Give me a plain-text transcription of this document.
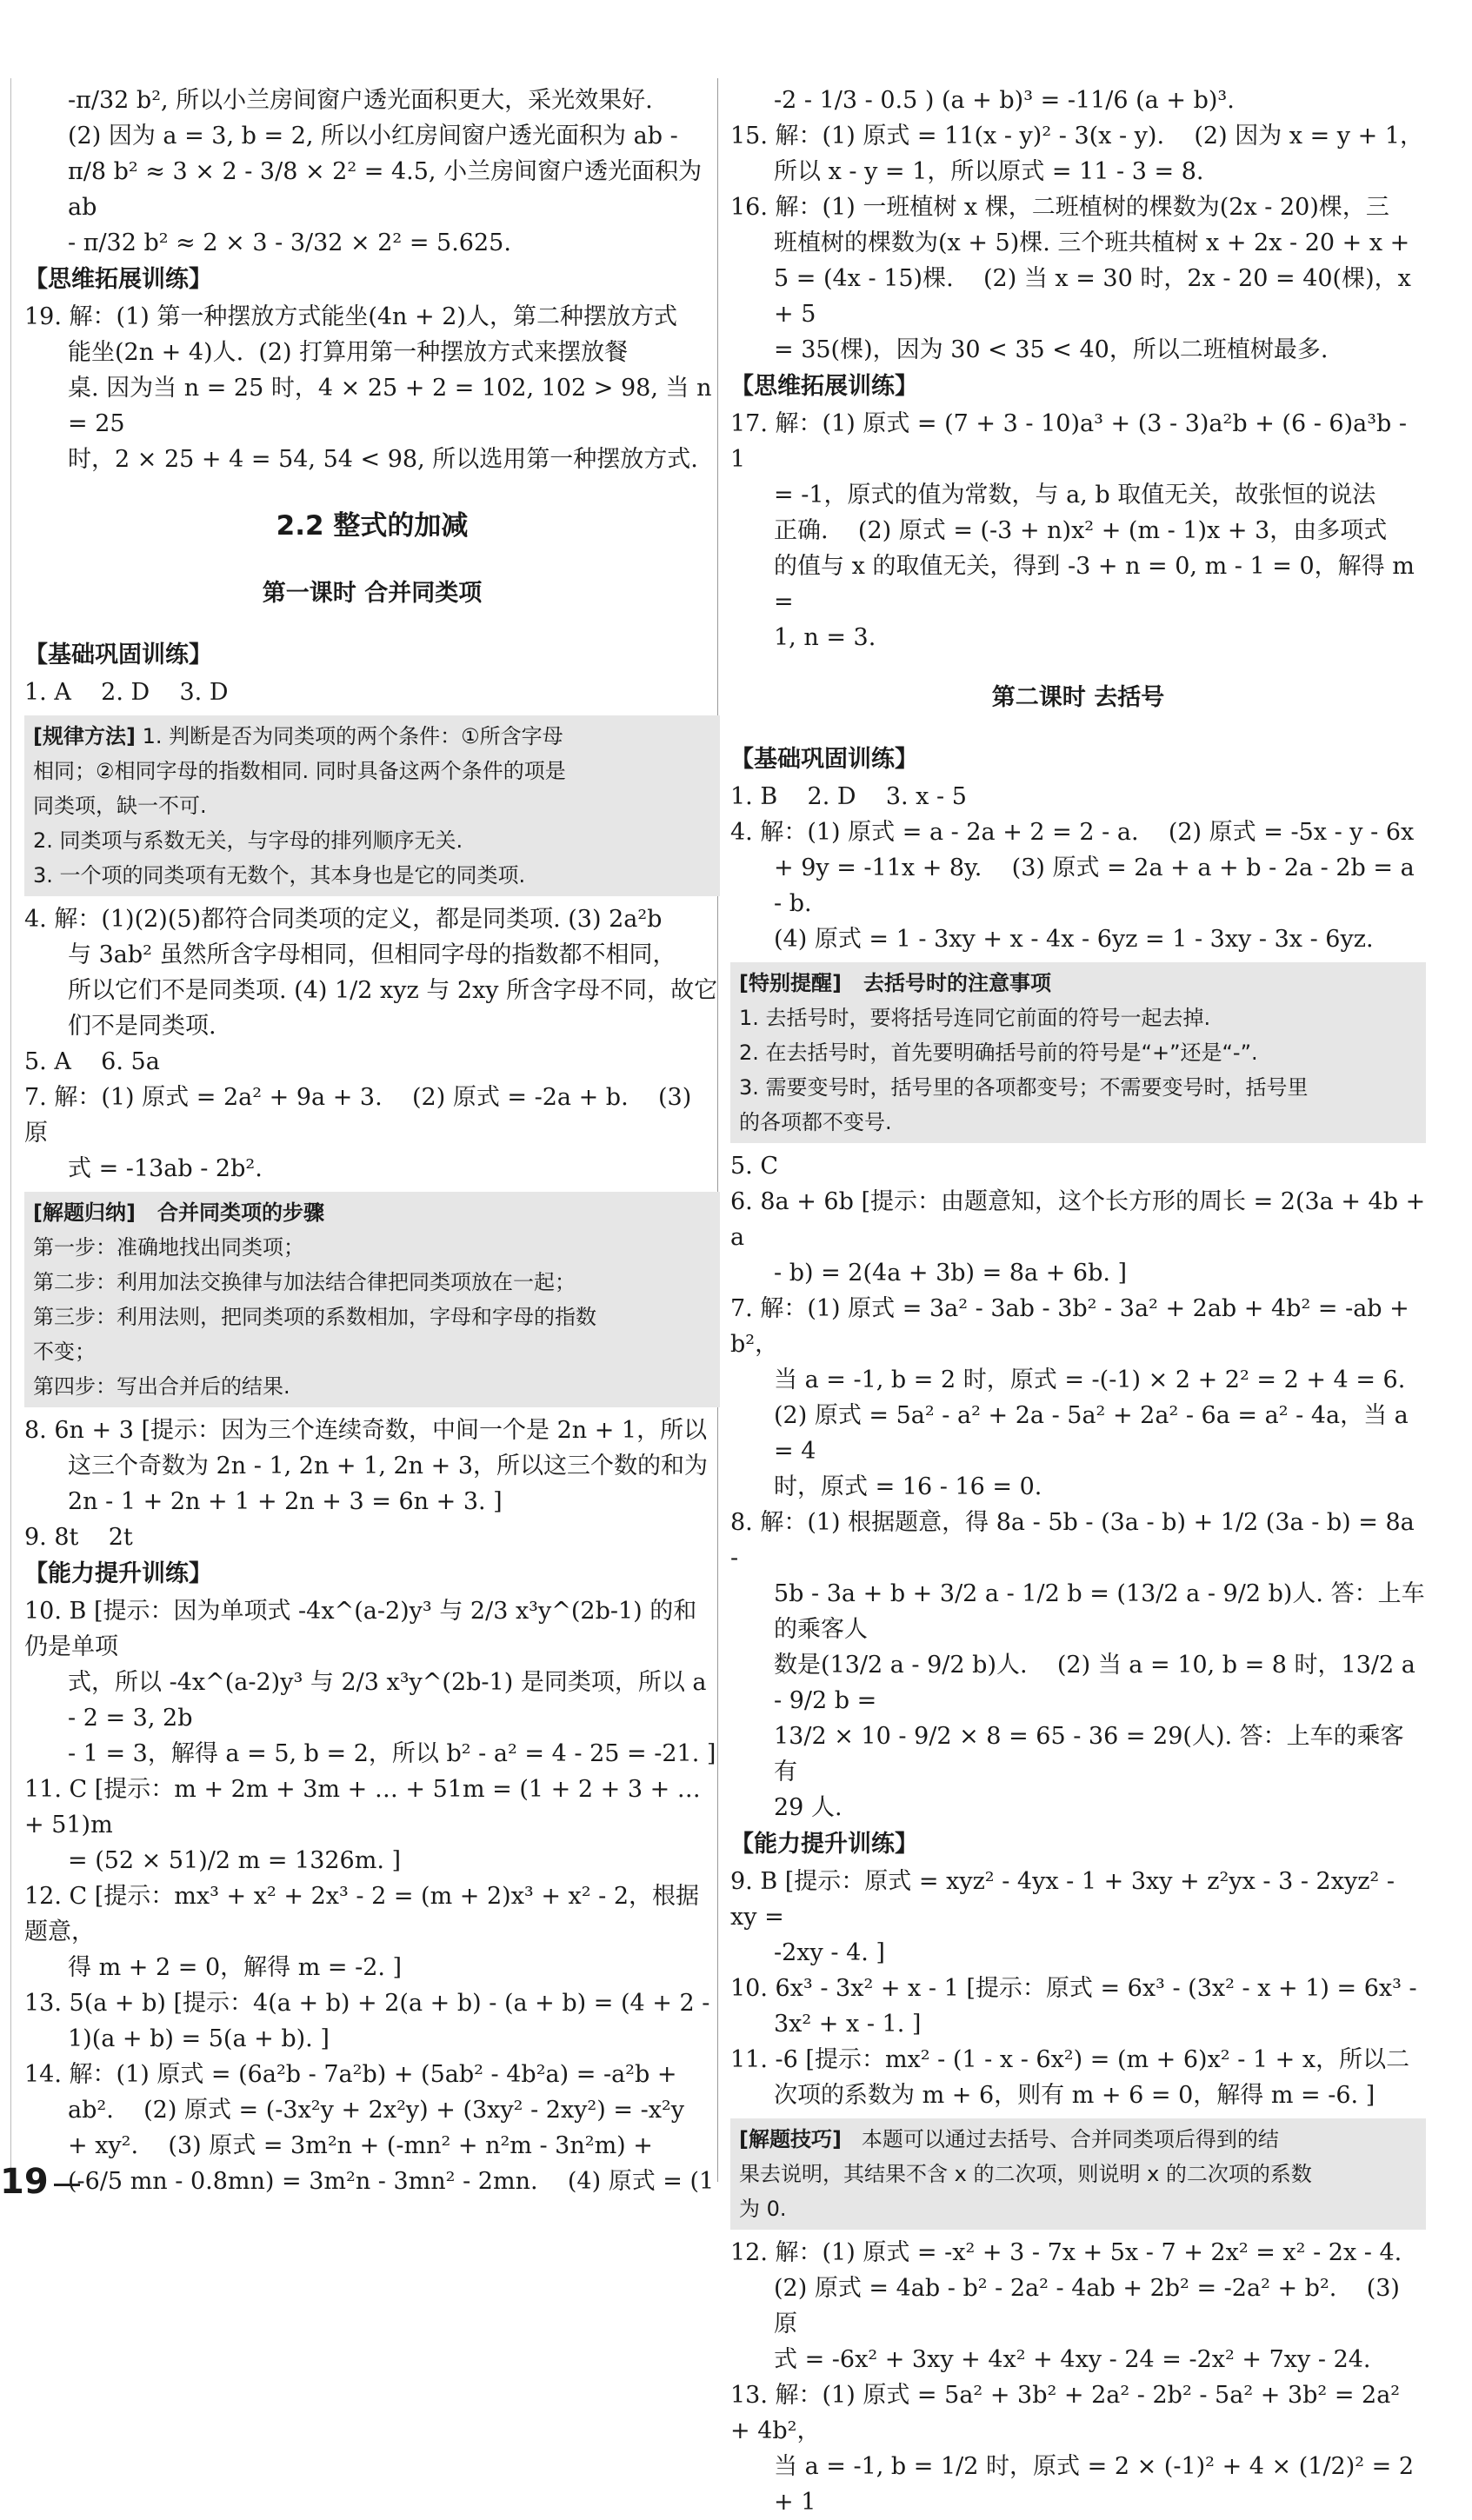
-π/32 b², 所以小兰房间窗户透光面积更大，采光效果好.

(2) 因为 a = 3, b = 2, 所以小红房间窗户透光面积为 ab -

π/8 b² ≈ 3 × 2 - 3/8 × 2² = 4.5, 小兰房间窗户透光面积为 ab

- π/32 b² ≈ 2 × 3 - 3/32 × 2² = 5.625.

【思维拓展训练】

19. 解：(1) 第一种摆放方式能坐(4n + 2)人，第二种摆放方式

能坐(2n + 4)人.  (2) 打算用第一种摆放方式来摆放餐

桌. 因为当 n = 25 时，4 × 25 + 2 = 102, 102 > 98, 当 n = 25

时，2 × 25 + 4 = 54, 54 < 98, 所以选用第一种摆放方式.

2.2 整式的加减

第一课时 合并同类项

【基础巩固训练】

1. A    2. D    3. D

[规律方法] 1. 判断是否为同类项的两个条件：①所含字母

相同；②相同字母的指数相同. 同时具备这两个条件的项是

同类项，缺一不可.

2. 同类项与系数无关，与字母的排列顺序无关.

3. 一个项的同类项有无数个，其本身也是它的同类项.

4. 解：(1)(2)(5)都符合同类项的定义，都是同类项. (3) 2a²b

与 3ab² 虽然所含字母相同，但相同字母的指数都不相同，

所以它们不是同类项. (4) 1/2 xyz 与 2xy 所含字母不同，故它

们不是同类项.

5. A    6. 5a

7. 解：(1) 原式 = 2a² + 9a + 3.    (2) 原式 = -2a + b.    (3) 原

式 = -13ab - 2b².

[解题归纳]   合并同类项的步骤

第一步：准确地找出同类项；

第二步：利用加法交换律与加法结合律把同类项放在一起；

第三步：利用法则，把同类项的系数相加，字母和字母的指数

不变；

第四步：写出合并后的结果.

8. 6n + 3 [提示：因为三个连续奇数，中间一个是 2n + 1，所以

这三个奇数为 2n - 1, 2n + 1, 2n + 3，所以这三个数的和为

2n - 1 + 2n + 1 + 2n + 3 = 6n + 3. ]

9. 8t    2t

【能力提升训练】

10. B [提示：因为单项式 -4x^(a-2)y³ 与 2/3 x³y^(2b-1) 的和仍是单项

式，所以 -4x^(a-2)y³ 与 2/3 x³y^(2b-1) 是同类项，所以 a - 2 = 3, 2b

- 1 = 3，解得 a = 5, b = 2，所以 b² - a² = 4 - 25 = -21. ]

11. C [提示：m + 2m + 3m + … + 51m = (1 + 2 + 3 + … + 51)m

= (52 × 51)/2 m = 1326m. ]

12. C [提示：mx³ + x² + 2x³ - 2 = (m + 2)x³ + x² - 2，根据题意，

得 m + 2 = 0，解得 m = -2. ]

13. 5(a + b) [提示：4(a + b) + 2(a + b) - (a + b) = (4 + 2 -

1)(a + b) = 5(a + b). ]

14. 解：(1) 原式 = (6a²b - 7a²b) + (5ab² - 4b²a) = -a²b +

ab².    (2) 原式 = (-3x²y + 2x²y) + (3xy² - 2xy²) = -x²y

+ xy².    (3) 原式 = 3m²n + (-mn² + n²m - 3n²m) +

(-6/5 mn - 0.8mn) = 3m²n - 3mn² - 2mn.    (4) 原式 = (1

-2 - 1/3 - 0.5 ) (a + b)³ = -11/6 (a + b)³.

15. 解：(1) 原式 = 11(x - y)² - 3(x - y).    (2) 因为 x = y + 1，

所以 x - y = 1，所以原式 = 11 - 3 = 8.

16. 解：(1) 一班植树 x 棵，二班植树的棵数为(2x - 20)棵，三

班植树的棵数为(x + 5)棵. 三个班共植树 x + 2x - 20 + x +

5 = (4x - 15)棵.    (2) 当 x = 30 时，2x - 20 = 40(棵)，x + 5

= 35(棵)，因为 30 < 35 < 40，所以二班植树最多.

【思维拓展训练】

17. 解：(1) 原式 = (7 + 3 - 10)a³ + (3 - 3)a²b + (6 - 6)a³b - 1

= -1，原式的值为常数，与 a, b 取值无关，故张恒的说法

正确.    (2) 原式 = (-3 + n)x² + (m - 1)x + 3，由多项式

的值与 x 的取值无关，得到 -3 + n = 0, m - 1 = 0，解得 m =

1, n = 3.

第二课时 去括号

【基础巩固训练】

1. B    2. D    3. x - 5

4. 解：(1) 原式 = a - 2a + 2 = 2 - a.    (2) 原式 = -5x - y - 6x

+ 9y = -11x + 8y.    (3) 原式 = 2a + a + b - 2a - 2b = a - b.

(4) 原式 = 1 - 3xy + x - 4x - 6yz = 1 - 3xy - 3x - 6yz.

[特别提醒]   去括号时的注意事项

1. 去括号时，要将括号连同它前面的符号一起去掉.

2. 在去括号时，首先要明确括号前的符号是“+”还是“-”.

3. 需要变号时，括号里的各项都变号；不需要变号时，括号里

的各项都不变号.

5. C

6. 8a + 6b [提示：由题意知，这个长方形的周长 = 2(3a + 4b + a

- b) = 2(4a + 3b) = 8a + 6b. ]

7. 解：(1) 原式 = 3a² - 3ab - 3b² - 3a² + 2ab + 4b² = -ab + b²，

当 a = -1, b = 2 时，原式 = -(-1) × 2 + 2² = 2 + 4 = 6.

(2) 原式 = 5a² - a² + 2a - 5a² + 2a² - 6a = a² - 4a，当 a = 4

时，原式 = 16 - 16 = 0.

8. 解：(1) 根据题意，得 8a - 5b - (3a - b) + 1/2 (3a - b) = 8a -

5b - 3a + b + 3/2 a - 1/2 b = (13/2 a - 9/2 b)人. 答：上车的乘客人

数是(13/2 a - 9/2 b)人.    (2) 当 a = 10, b = 8 时，13/2 a - 9/2 b =

13/2 × 10 - 9/2 × 8 = 65 - 36 = 29(人). 答：上车的乘客有

29 人.

【能力提升训练】

9. B [提示：原式 = xyz² - 4yx - 1 + 3xy + z²yx - 3 - 2xyz² - xy =

-2xy - 4. ]

10. 6x³ - 3x² + x - 1 [提示：原式 = 6x³ - (3x² - x + 1) = 6x³ -

3x² + x - 1. ]

11. -6 [提示：mx² - (1 - x - 6x²) = (m + 6)x² - 1 + x，所以二

次项的系数为 m + 6，则有 m + 6 = 0，解得 m = -6. ]

[解题技巧]   本题可以通过去括号、合并同类项后得到的结

果去说明，其结果不含 x 的二次项，则说明 x 的二次项的系数

为 0.

12. 解：(1) 原式 = -x² + 3 - 7x + 5x - 7 + 2x² = x² - 2x - 4.

(2) 原式 = 4ab - b² - 2a² - 4ab + 2b² = -2a² + b².    (3) 原

式 = -6x² + 3xy + 4x² + 4xy - 24 = -2x² + 7xy - 24.

13. 解：(1) 原式 = 5a² + 3b² + 2a² - 2b² - 5a² + 3b² = 2a² + 4b²，

当 a = -1, b = 1/2 时，原式 = 2 × (-1)² + 4 × (1/2)² = 2 + 1

19
